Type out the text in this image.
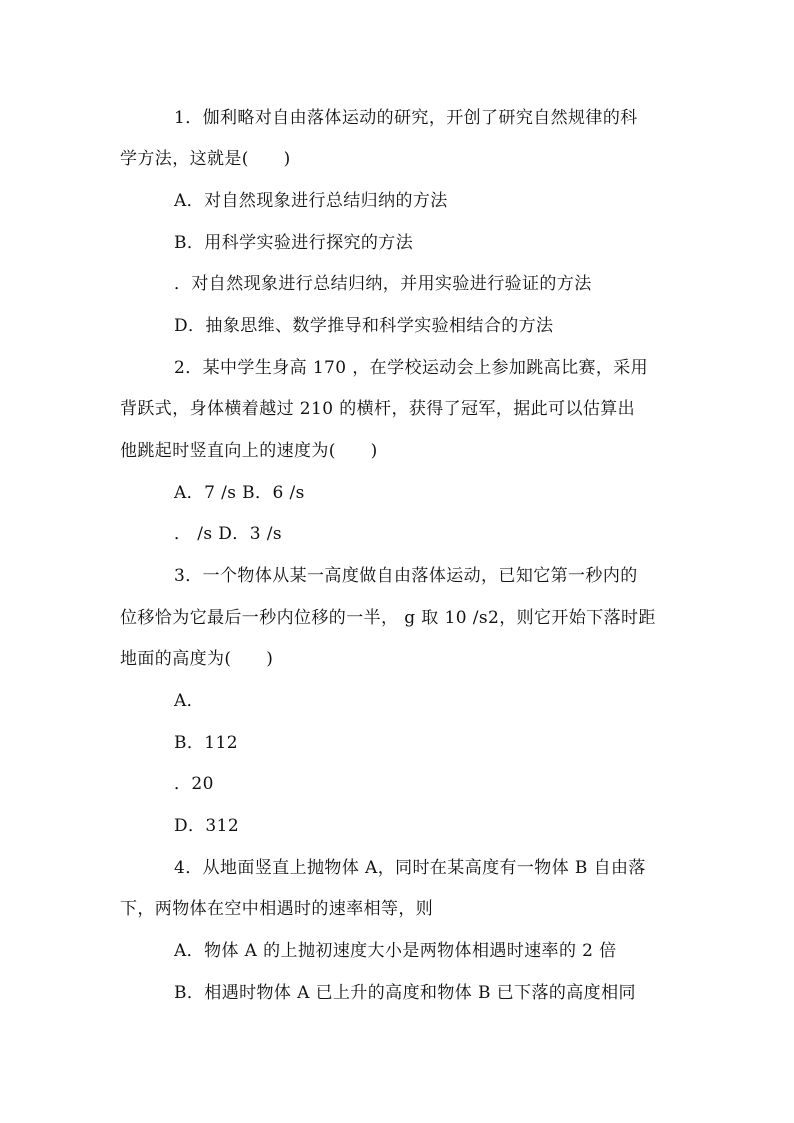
1．伽利略对自由落体运动的研究，开创了研究自然规律的科
学方法，这就是(　　)
A．对自然现象进行总结归纳的方法
B．用科学实验进行探究的方法
．对自然现象进行总结归纳，并用实验进行验证的方法
D．抽象思维、数学推导和科学实验相结合的方法
2．某中学生身高 170 ，在学校运动会上参加跳高比赛，采用
背跃式，身体横着越过 210 的横杆，获得了冠军，据此可以估算出
他跳起时竖直向上的速度为(　　)
A．7 /s B．6 /s
． /s D．3 /s
3．一个物体从某一高度做自由落体运动，已知它第一秒内的
位移恰为它最后一秒内位移的一半， g 取 10 /s2，则它开始下落时距
地面的高度为(　　)
A．
B．112
．20
D．312
4．从地面竖直上抛物体 A，同时在某高度有一物体 B 自由落
下，两物体在空中相遇时的速率相等，则
A．物体 A 的上抛初速度大小是两物体相遇时速率的 2 倍
B．相遇时物体 A 已上升的高度和物体 B 已下落的高度相同
